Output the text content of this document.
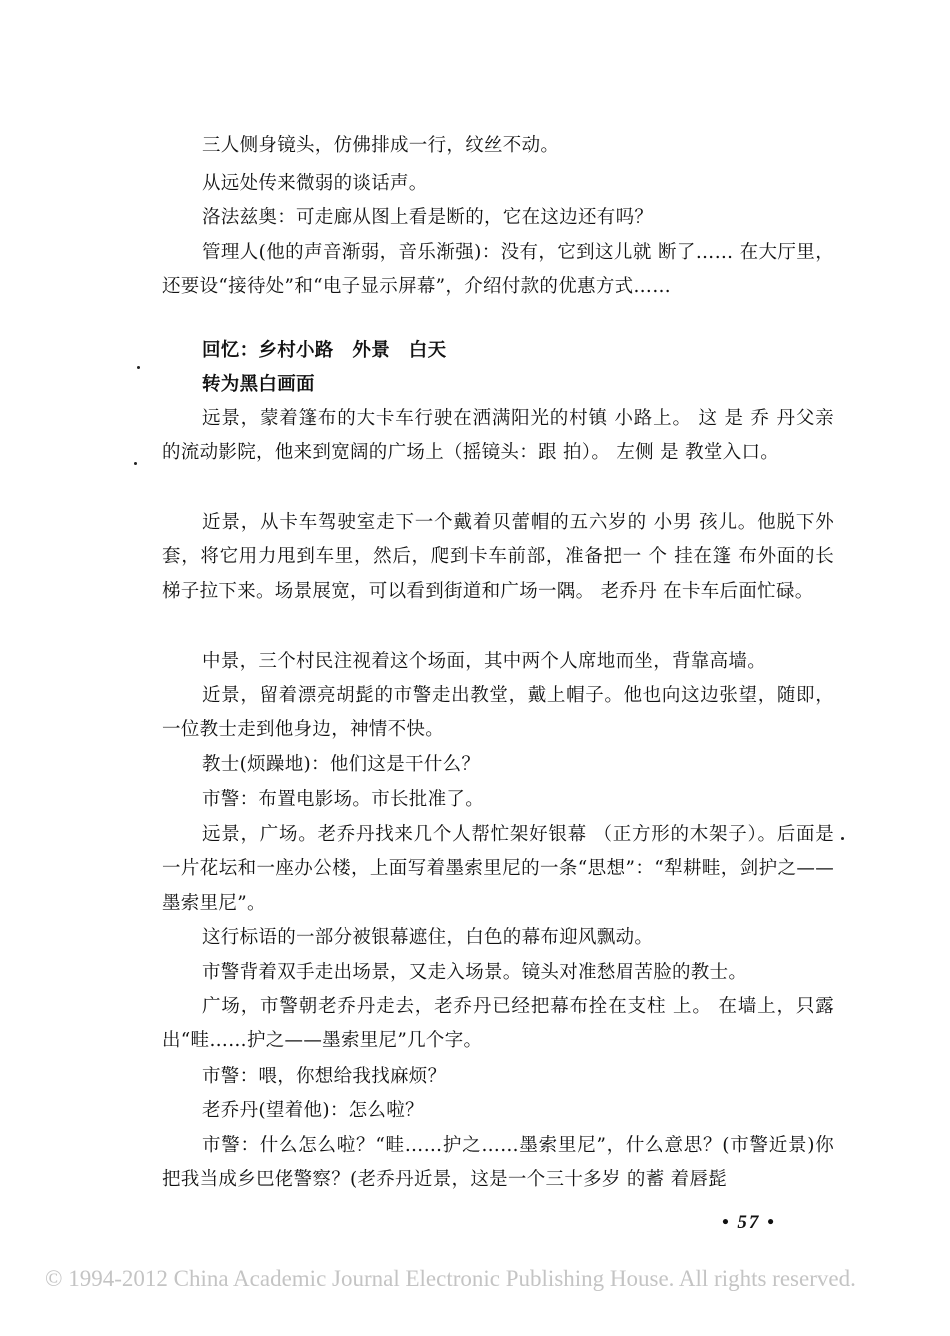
三人侧身镜头，仿佛排成一行，纹丝不动。

从远处传来微弱的谈话声。

洛法兹奥：可走廊从图上看是断的，它在这边还有吗？

管理人(他的声音渐弱，音乐渐强)：没有，它到这儿就 断了…… 在大厅里，还要设“接待处”和“电子显示屏幕”，介绍付款的优惠方式……

回忆：乡村小路　外景　白天

转为黑白画面

远景，蒙着篷布的大卡车行驶在洒满阳光的村镇 小路上。 这 是 乔 丹父亲的流动影院，他来到宽阔的广场上（摇镜头：跟 拍）。 左侧 是 教堂入口。

近景，从卡车驾驶室走下一个戴着贝蕾帽的五六岁的 小男 孩儿。他脱下外套，将它用力甩到车里，然后，爬到卡车前部，准备把一 个 挂在篷 布外面的长梯子拉下来。场景展宽，可以看到街道和广场一隅。 老乔丹 在卡车后面忙碌。

中景，三个村民注视着这个场面，其中两个人席地而坐，背靠高墙。

近景，留着漂亮胡髭的市警走出教堂，戴上帽子。他也向这边张望，随即，一位教士走到他身边，神情不快。

教士(烦躁地)：他们这是干什么？

市警：布置电影场。市长批准了。

远景，广场。老乔丹找来几个人帮忙架好银幕 （正方形的木架子）。后面是一片花坛和一座办公楼，上面写着墨索里尼的一条“思想”：“犁耕畦，剑护之——墨索里尼”。

这行标语的一部分被银幕遮住，白色的幕布迎风飘动。

市警背着双手走出场景，又走入场景。镜头对准愁眉苦脸的教士。

广场，市警朝老乔丹走去，老乔丹已经把幕布拴在支柱 上。 在墙上，只露出“畦……护之——墨索里尼”几个字。

市警：喂，你想给我找麻烦？

老乔丹(望着他)：怎么啦？

市警：什么怎么啦？“畦……护之……墨索里尼”，什么意思？(市警近景)你把我当成乡巴佬警察？(老乔丹近景，这是一个三十多岁 的蓄 着唇髭

• 57 •
© 1994-2012 China Academic Journal Electronic Publishing House. All rights reserved.
